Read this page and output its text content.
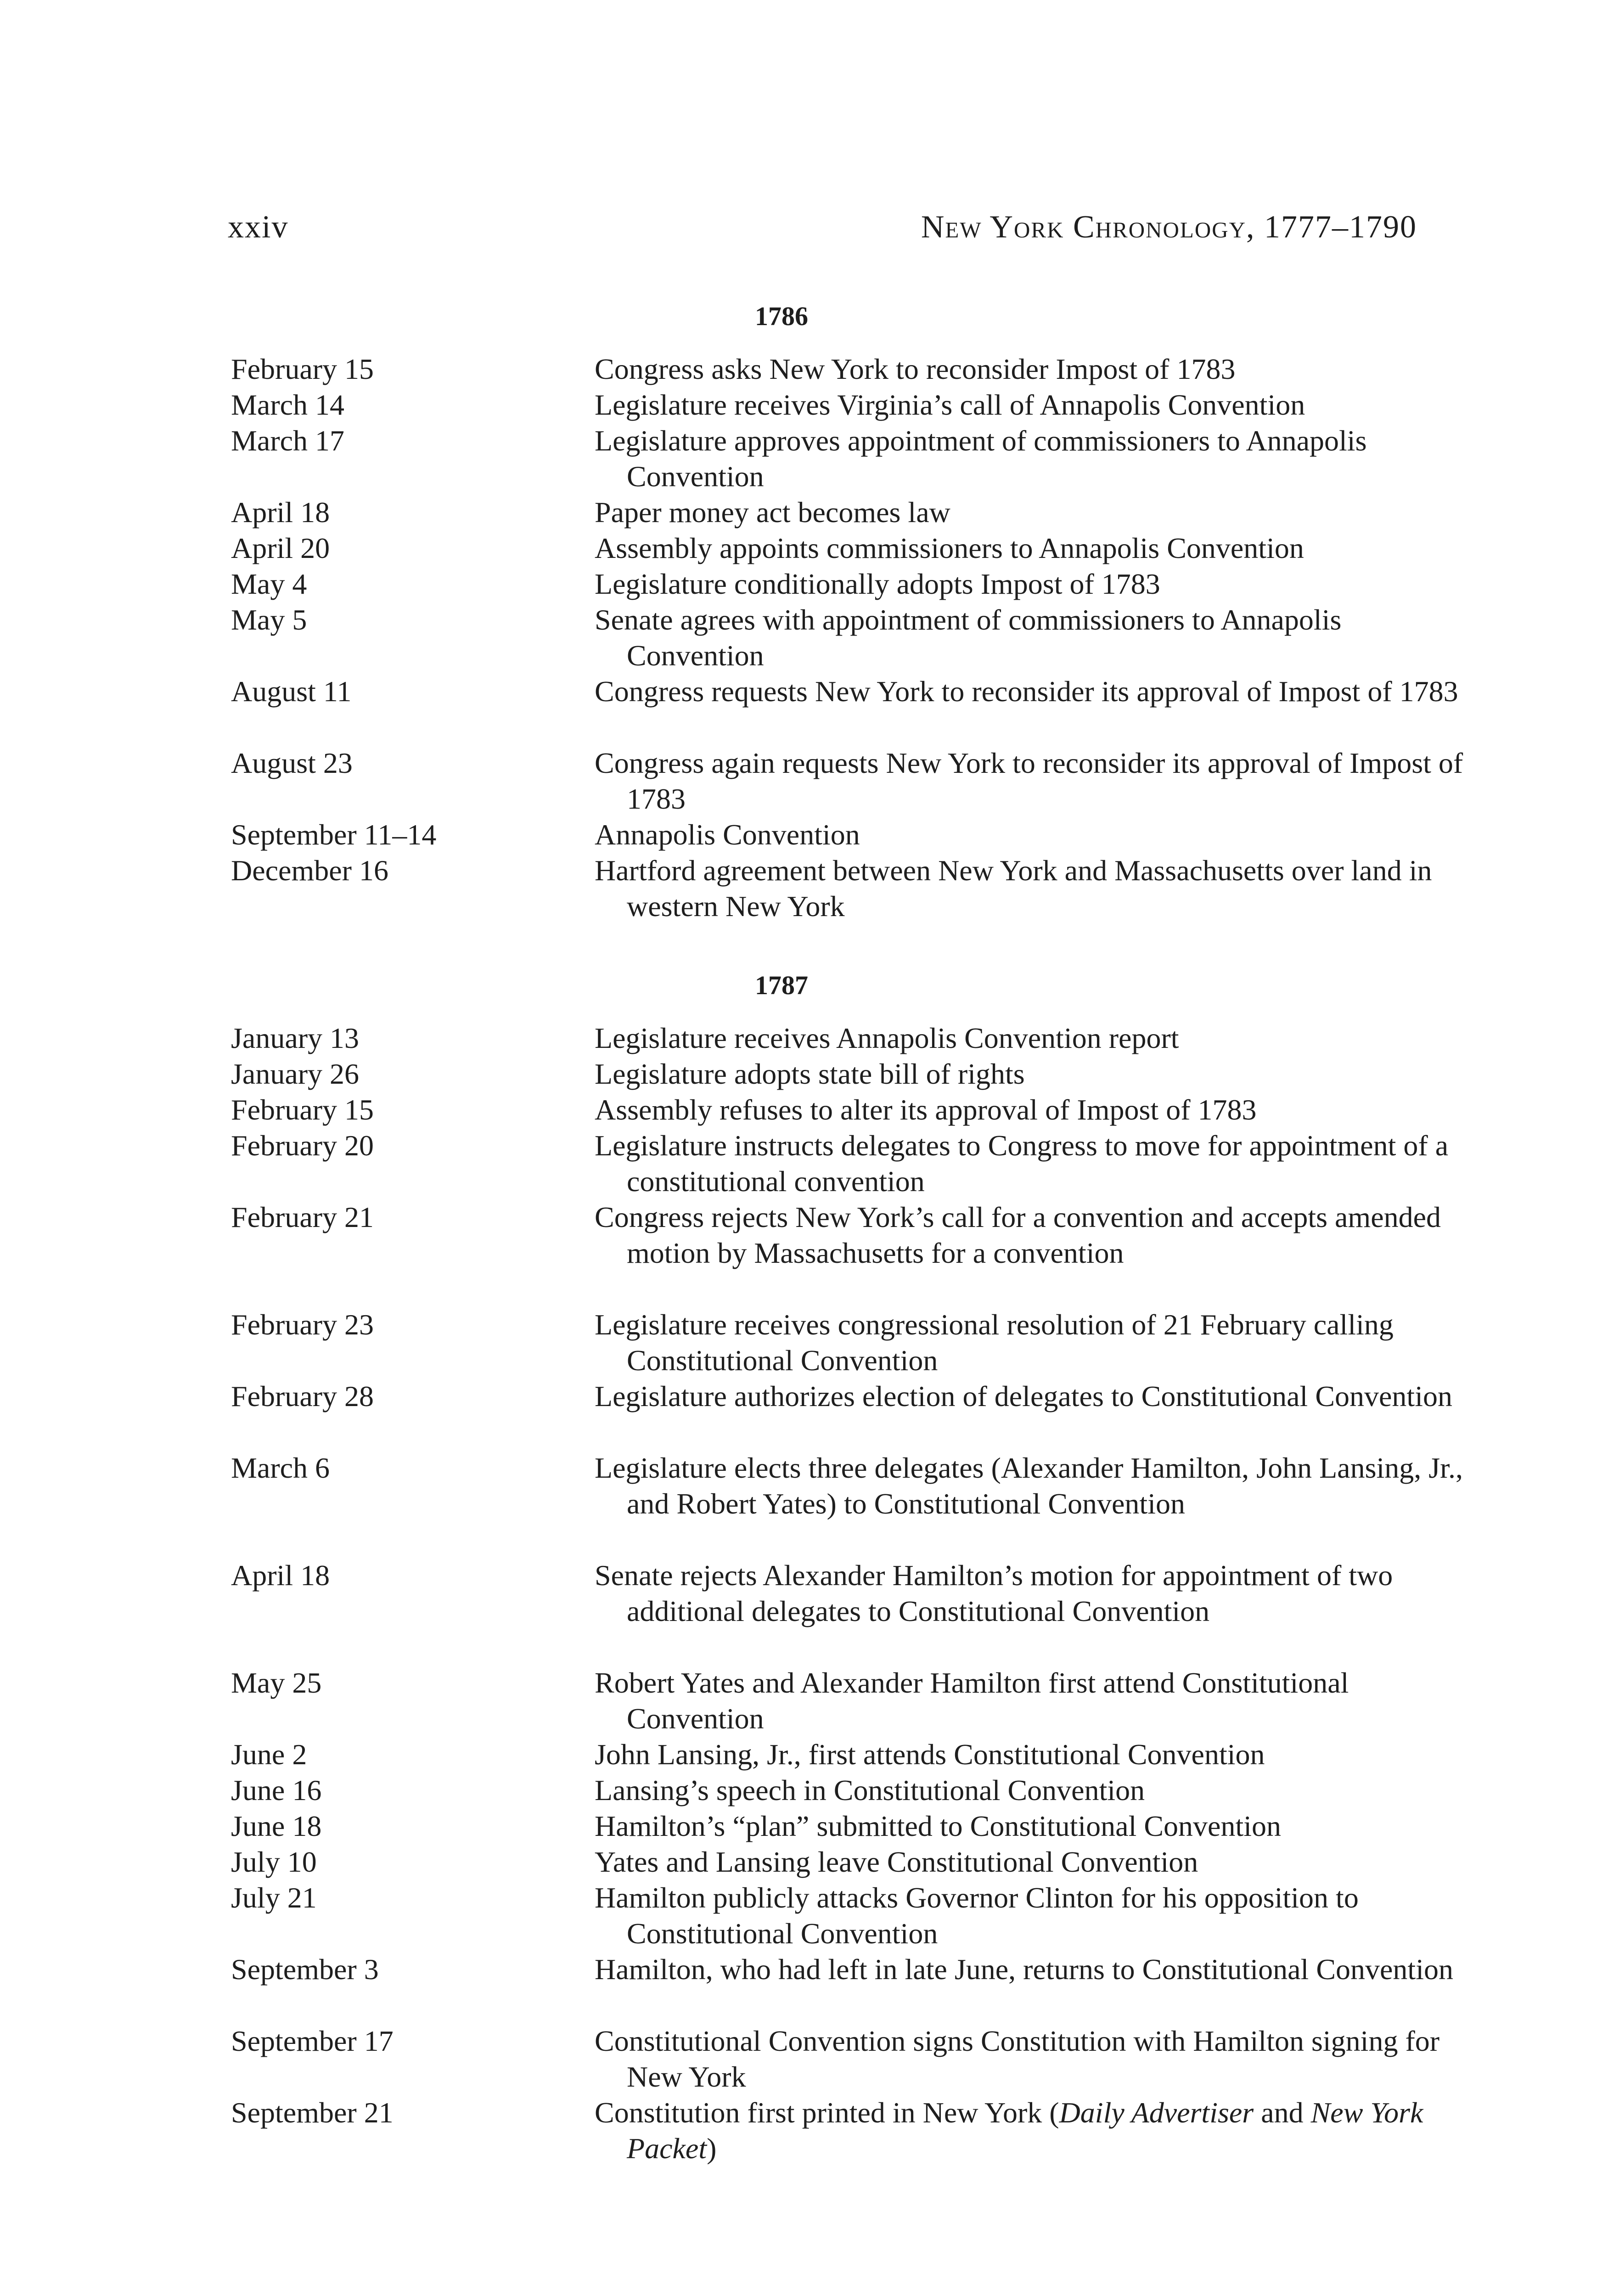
xxiv	New York Chronology, 1777–1790
1786
February 15	Congress asks New York to reconsider Impost of 1783
March 14	Legislature receives Virginia’s call of Annapolis Convention
March 17	Legislature approves appointment of commissioners to Annapolis Convention
April 18	Paper money act becomes law
April 20	Assembly appoints commissioners to Annapolis Convention
May 4	Legislature conditionally adopts Impost of 1783
May 5	Senate agrees with appointment of commissioners to Annapolis Convention
August 11	Congress requests New York to reconsider its approval of Impost of 1783
August 23	Congress again requests New York to reconsider its approval of Impost of 1783
September 11–14	Annapolis Convention
December 16	Hartford agreement between New York and Massachusetts over land in western New York
1787
January 13	Legislature receives Annapolis Convention report
January 26	Legislature adopts state bill of rights
February 15	Assembly refuses to alter its approval of Impost of 1783
February 20	Legislature instructs delegates to Congress to move for appointment of a constitutional convention
February 21	Congress rejects New York’s call for a convention and accepts amended motion by Massachusetts for a convention
February 23	Legislature receives congressional resolution of 21 February calling Constitutional Convention
February 28	Legislature authorizes election of delegates to Constitutional Convention
March 6	Legislature elects three delegates (Alexander Hamilton, John Lansing, Jr., and Robert Yates) to Constitutional Convention
April 18	Senate rejects Alexander Hamilton’s motion for appointment of two additional delegates to Constitutional Convention
May 25	Robert Yates and Alexander Hamilton first attend Constitutional Convention
June 2	John Lansing, Jr., first attends Constitutional Convention
June 16	Lansing’s speech in Constitutional Convention
June 18	Hamilton’s “plan” submitted to Constitutional Convention
July 10	Yates and Lansing leave Constitutional Convention
July 21	Hamilton publicly attacks Governor Clinton for his opposition to Constitutional Convention
September 3	Hamilton, who had left in late June, returns to Constitutional Convention
September 17	Constitutional Convention signs Constitution with Hamilton signing for New York
September 21	Constitution first printed in New York (Daily Advertiser and New York Packet)
